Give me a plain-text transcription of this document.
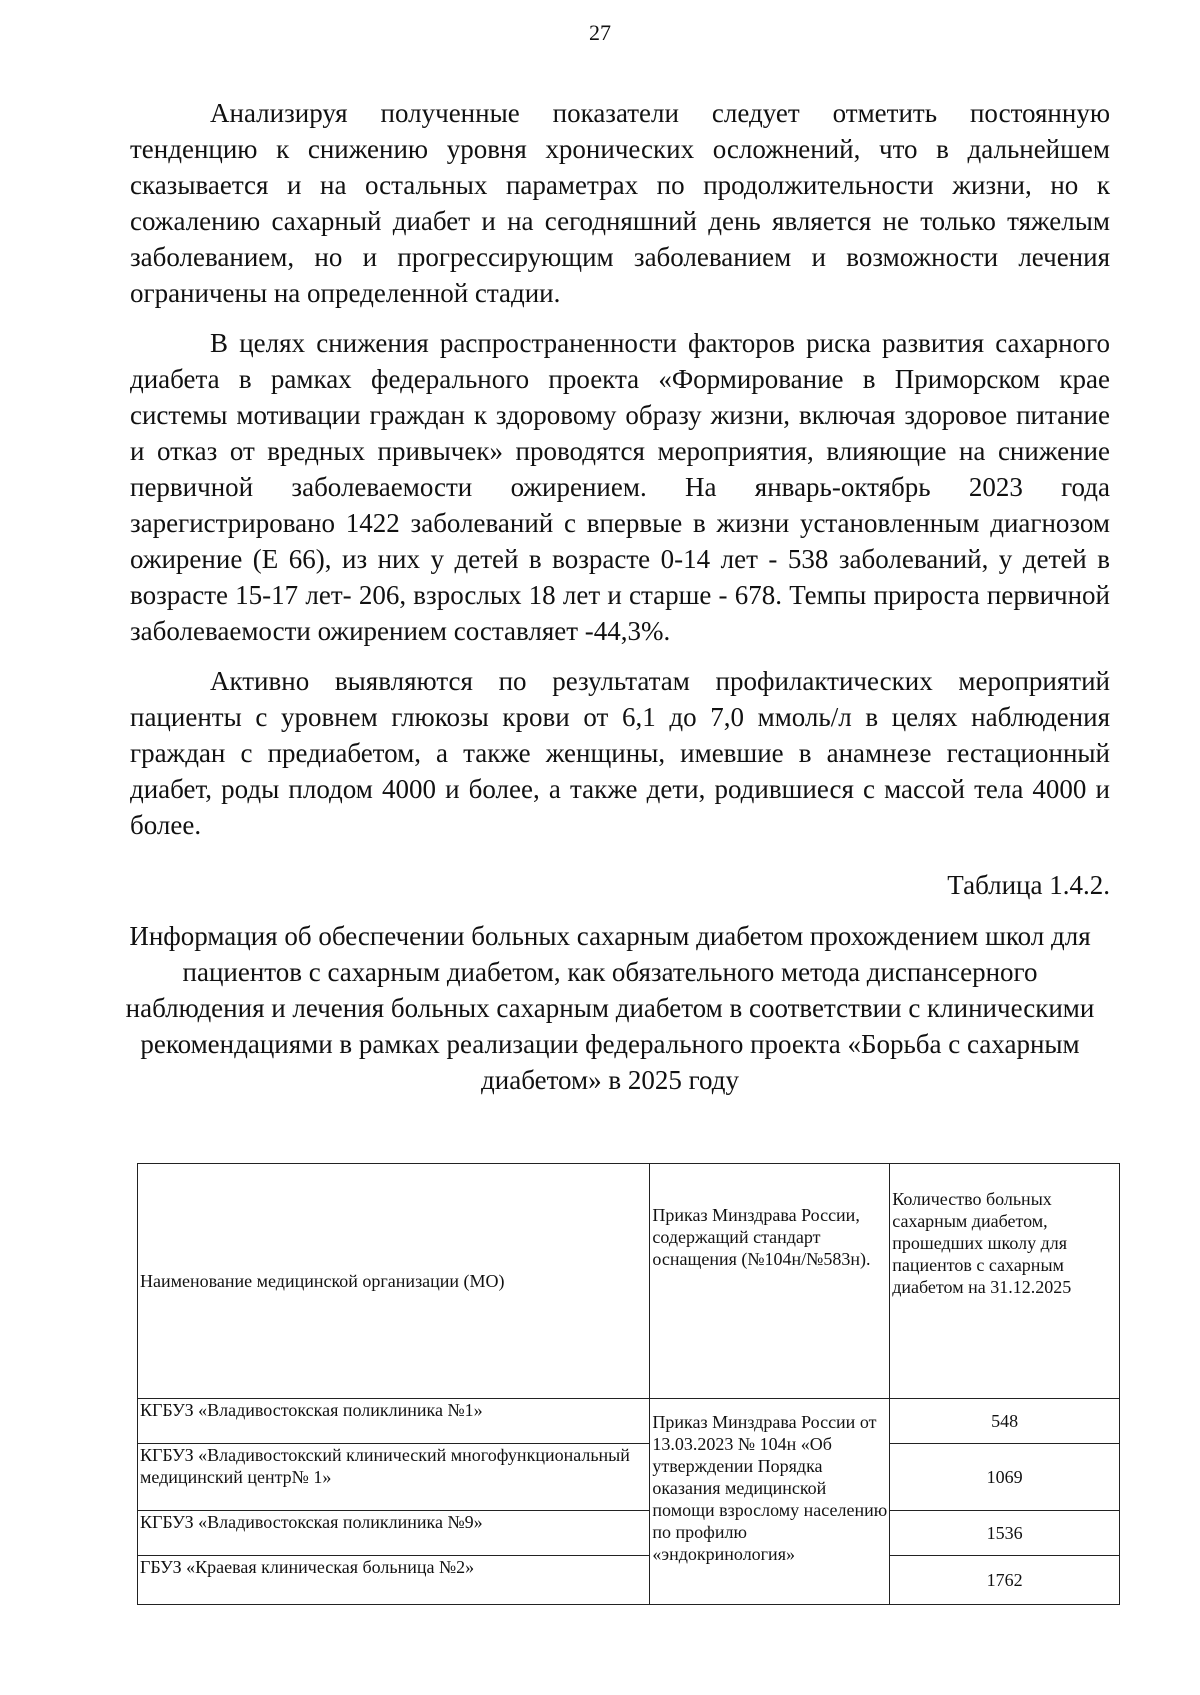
27

Анализируя полученные показатели следует отметить постоянную тенденцию к снижению уровня хронических осложнений, что в дальнейшем сказывается и на остальных параметрах по продолжительности жизни, но к сожалению сахарный диабет и на сегодняшний день является не только тяжелым заболеванием, но и прогрессирующим заболеванием и возможности лечения ограничены на определенной стадии.

В целях снижения распространенности факторов риска развития сахарного диабета в рамках федерального проекта «Формирование в Приморском крае системы мотивации граждан к здоровому образу жизни, включая здоровое питание и отказ от вредных привычек» проводятся мероприятия, влияющие на снижение первичной заболеваемости ожирением. На январь-октябрь 2023 года зарегистрировано 1422 заболеваний с впервые в жизни установленным диагнозом ожирение (Е 66), из них у детей в возрасте 0-14 лет - 538 заболеваний, у детей в возрасте 15-17 лет- 206, взрослых 18 лет и старше - 678. Темпы прироста первичной заболеваемости ожирением составляет -44,3%.

Активно выявляются по результатам профилактических мероприятий пациенты с уровнем глюкозы крови от 6,1 до 7,0 ммоль/л в целях наблюдения граждан с предиабетом, а также женщины, имевшие в анамнезе гестационный диабет, роды плодом 4000 и более, а также дети, родившиеся с массой тела 4000 и более.

Таблица 1.4.2.

Информация об обеспечении больных сахарным диабетом прохождением школ для пациентов с сахарным диабетом, как обязательного метода диспансерного наблюдения и лечения больных сахарным диабетом в соответствии с клиническими рекомендациями в рамках реализации федерального проекта «Борьба с сахарным диабетом» в 2025 году

Наименование медицинской организации (МО)	Приказ Минздрава России, содержащий стандарт оснащения (№104н/№583н).	Количество больных сахарным диабетом, прошедших школу для пациентов с сахарным диабетом на 31.12.2025
КГБУЗ «Владивостокская поликлиника №1»	Приказ Минздрава России от 13.03.2023 № 104н «Об утверждении Порядка оказания медицинской помощи взрослому населению по профилю «эндокринология»	548
КГБУЗ «Владивостокский клинический многофункциональный медицинский центр№ 1»		1069
КГБУЗ «Владивостокская поликлиника №9»		1536
ГБУЗ «Краевая клиническая больница №2»		1762
